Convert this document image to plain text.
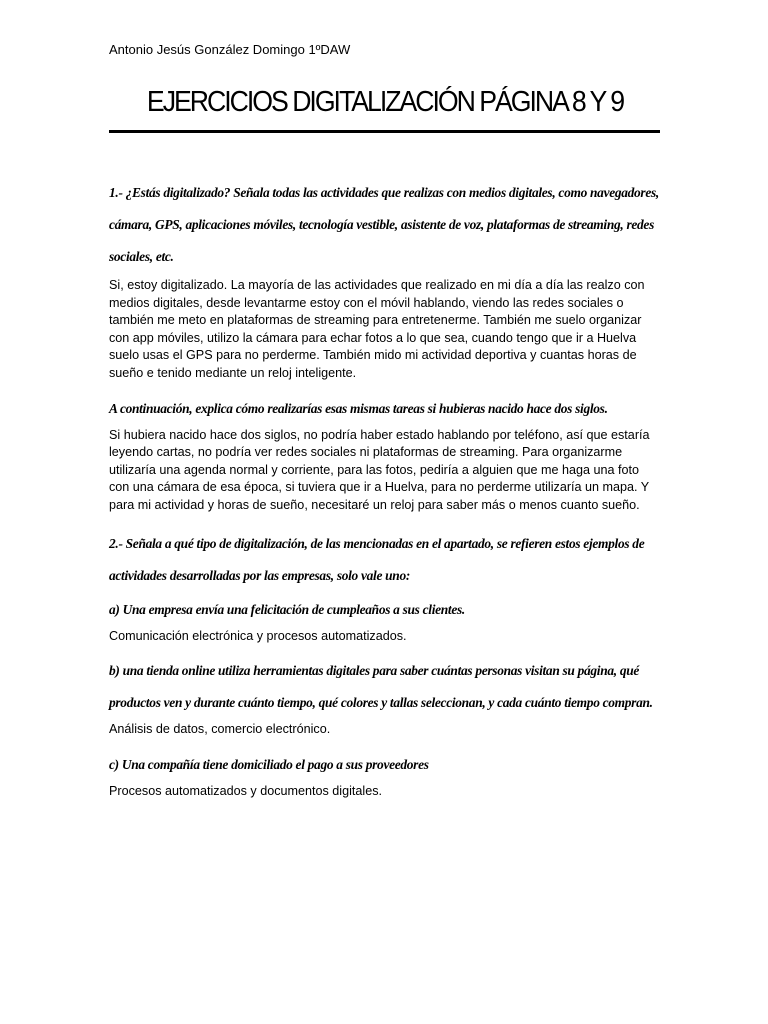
Antonio Jesús González Domingo 1ºDAW
EJERCICIOS DIGITALIZACIÓN PÁGINA 8 Y 9

1.- ¿Estás digitalizado? Señala todas las actividades que realizas con medios digitales, como navegadores, cámara, GPS, aplicaciones móviles, tecnología vestible, asistente de voz, plataformas de streaming, redes sociales, etc.

Si, estoy digitalizado. La mayoría de las actividades que realizado en mi día a día las realzo con medios digitales, desde levantarme estoy con el móvil hablando, viendo las redes sociales o también me meto en plataformas de streaming para entretenerme. También me suelo organizar con app móviles, utilizo la cámara para echar fotos a lo que sea, cuando tengo que ir a Huelva suelo usas el GPS para no perderme. También mido mi actividad deportiva y cuantas horas de sueño e tenido mediante un reloj inteligente.

A continuación, explica cómo realizarías esas mismas tareas si hubieras nacido hace dos siglos.

Si hubiera nacido hace dos siglos, no podría haber estado hablando por teléfono, así que estaría leyendo cartas, no podría ver redes sociales ni plataformas de streaming. Para organizarme utilizaría una agenda normal y corriente, para las fotos, pediría a alguien que me haga una foto con una cámara de esa época, si tuviera que ir a Huelva, para no perderme utilizaría un mapa. Y para mi actividad y horas de sueño, necesitaré un reloj para saber más o menos cuanto sueño.

2.- Señala a qué tipo de digitalización, de las mencionadas en el apartado, se refieren estos ejemplos de actividades desarrolladas por las empresas, solo vale uno:

a) Una empresa envía una felicitación de cumpleaños a sus clientes.

Comunicación electrónica y procesos automatizados.

b) una tienda online utiliza herramientas digitales para saber cuántas personas visitan su página, qué productos ven y durante cuánto tiempo, qué colores y tallas seleccionan, y cada cuánto tiempo compran.

Análisis de datos, comercio electrónico.

c) Una compañía tiene domiciliado el pago a sus proveedores

Procesos automatizados y documentos digitales.
